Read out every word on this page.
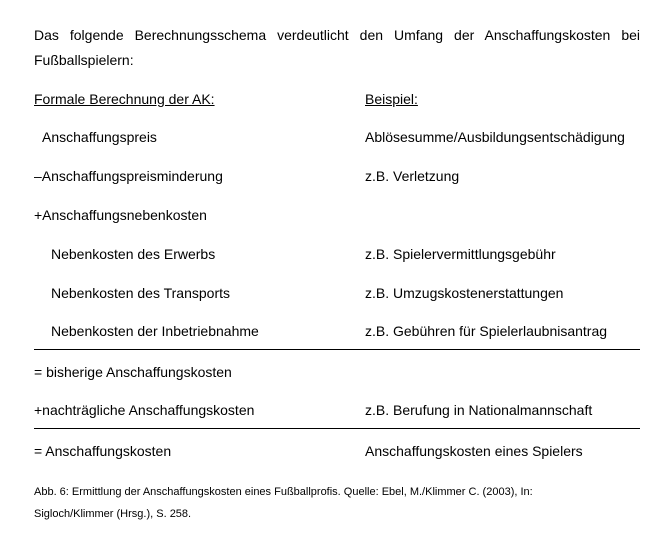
Das folgende Berechnungsschema verdeutlicht den Umfang der Anschaffungskosten bei
Fußballspielern:
Formale Berechnung der AK:	Beispiel:
Anschaffungspreis	Ablösesumme/Ausbildungsentschädigung
–Anschaffungspreisminderung	z.B. Verletzung
+Anschaffungsnebenkosten
Nebenkosten des Erwerbs	z.B. Spielervermittlungsgebühr
Nebenkosten des Transports	z.B. Umzugskostenerstattungen
Nebenkosten der Inbetriebnahme	z.B. Gebühren für Spielerlaubnisantrag
= bisherige Anschaffungskosten
+nachträgliche Anschaffungskosten	z.B. Berufung in Nationalmannschaft
= Anschaffungskosten	Anschaffungskosten eines Spielers
Abb. 6: Ermittlung der Anschaffungskosten eines Fußballprofis. Quelle: Ebel, M./Klimmer C. (2003), In:
Sigloch/Klimmer (Hrsg.), S. 258.
